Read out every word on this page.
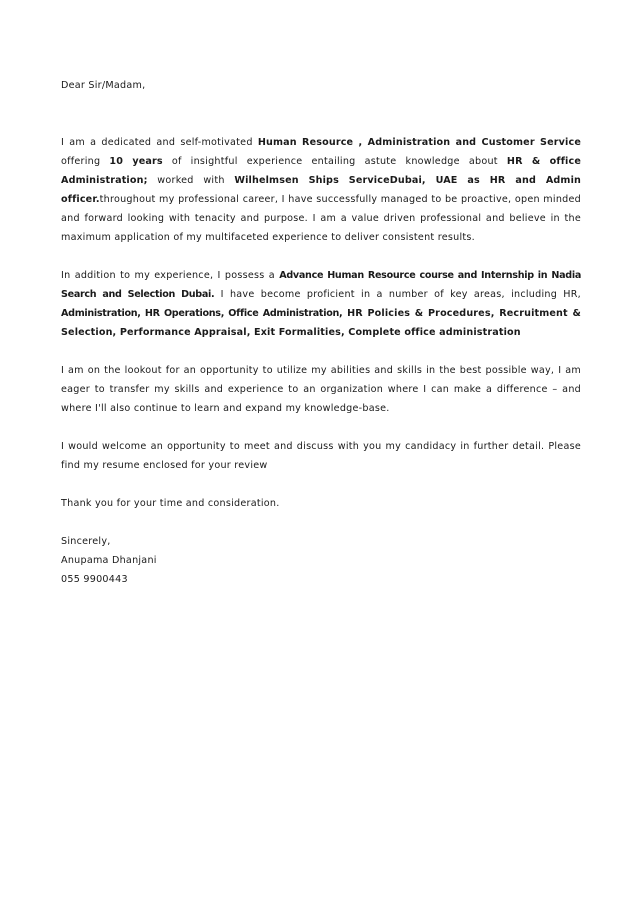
Dear Sir/Madam,

I am a dedicated and self-motivated Human Resource , Administration and Customer Service offering 10 years of insightful experience entailing astute knowledge about HR & office Administration; worked with Wilhelmsen Ships ServiceDubai, UAE as HR and Admin officer.throughout my professional career, I have successfully managed to be proactive, open minded and forward looking with tenacity and purpose. I am a value driven professional and believe in the maximum application of my multifaceted experience to deliver consistent results.

In addition to my experience, I possess a Advance Human Resource course and Internship in Nadia Search and Selection Dubai. I have become proficient in a number of key areas, including HR, Administration, HR Operations, Office Administration, HR Policies & Procedures, Recruitment & Selection, Performance Appraisal, Exit Formalities, Complete office administration

I am on the lookout for an opportunity to utilize my abilities and skills in the best possible way, I am eager to transfer my skills and experience to an organization where I can make a difference – and where I'll also continue to learn and expand my knowledge-base.

I would welcome an opportunity to meet and discuss with you my candidacy in further detail. Please find my resume enclosed for your review

Thank you for your time and consideration.

Sincerely,
Anupama Dhanjani
055 9900443
